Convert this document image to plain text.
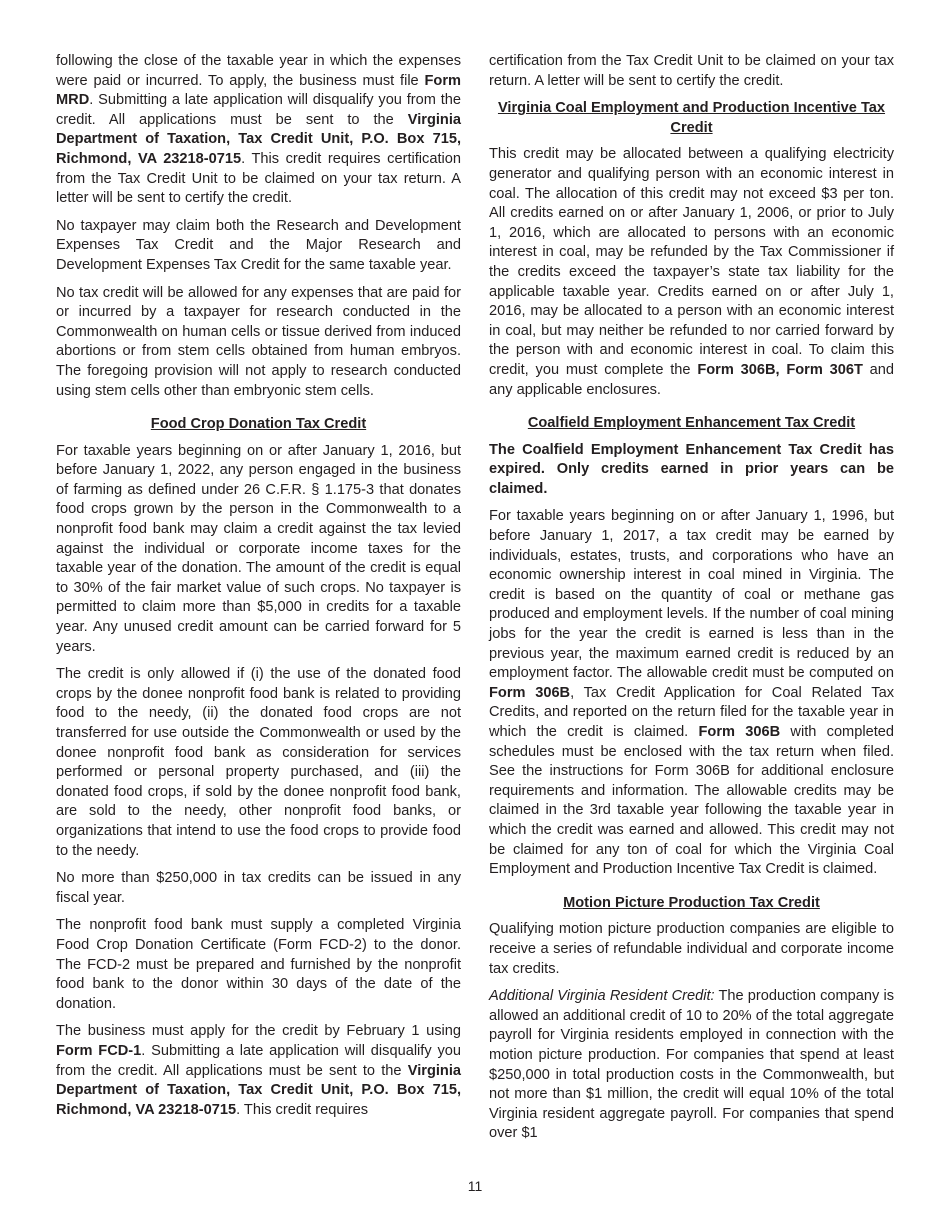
following the close of the taxable year in which the expenses were paid or incurred. To apply, the business must file Form MRD. Submitting a late application will disqualify you from the credit. All applications must be sent to the Virginia Department of Taxation, Tax Credit Unit, P.O. Box 715, Richmond, VA 23218-0715. This credit requires certification from the Tax Credit Unit to be claimed on your tax return. A letter will be sent to certify the credit.

No taxpayer may claim both the Research and Development Expenses Tax Credit and the Major Research and Development Expenses Tax Credit for the same taxable year.

No tax credit will be allowed for any expenses that are paid for or incurred by a taxpayer for research conducted in the Commonwealth on human cells or tissue derived from induced abortions or from stem cells obtained from human embryos. The foregoing provision will not apply to research conducted using stem cells other than embryonic stem cells.

Food Crop Donation Tax Credit

For taxable years beginning on or after January 1, 2016, but before January 1, 2022, any person engaged in the business of farming as defined under 26 C.F.R. § 1.175-3 that donates food crops grown by the person in the Commonwealth to a nonprofit food bank may claim a credit against the tax levied against the individual or corporate income taxes for the taxable year of the donation. The amount of the credit is equal to 30% of the fair market value of such crops. No taxpayer is permitted to claim more than $5,000 in credits for a taxable year. Any unused credit amount can be carried forward for 5 years.

The credit is only allowed if (i) the use of the donated food crops by the donee nonprofit food bank is related to providing food to the needy, (ii) the donated food crops are not transferred for use outside the Commonwealth or used by the donee nonprofit food bank as consideration for services performed or personal property purchased, and (iii) the donated food crops, if sold by the donee nonprofit food bank, are sold to the needy, other nonprofit food banks, or organizations that intend to use the food crops to provide food to the needy.

No more than $250,000 in tax credits can be issued in any fiscal year.

The nonprofit food bank must supply a completed Virginia Food Crop Donation Certificate (Form FCD-2) to the donor. The FCD-2 must be prepared and furnished by the nonprofit food bank to the donor within 30 days of the date of the donation.

The business must apply for the credit by February 1 using Form FCD-1. Submitting a late application will disqualify you from the credit. All applications must be sent to the Virginia Department of Taxation, Tax Credit Unit, P.O. Box 715, Richmond, VA 23218-0715. This credit requires

certification from the Tax Credit Unit to be claimed on your tax return. A letter will be sent to certify the credit.

Virginia Coal Employment and Production Incentive Tax Credit

This credit may be allocated between a qualifying electricity generator and qualifying person with an economic interest in coal. The allocation of this credit may not exceed $3 per ton. All credits earned on or after January 1, 2006, or prior to July 1, 2016, which are allocated to persons with an economic interest in coal, may be refunded by the Tax Commissioner if the credits exceed the taxpayer’s state tax liability for the applicable taxable year. Credits earned on or after July 1, 2016, may be allocated to a person with an economic interest in coal, but may neither be refunded to nor carried forward by the person with and economic interest in coal. To claim this credit, you must complete the Form 306B, Form 306T and any applicable enclosures.

Coalfield Employment Enhancement Tax Credit

The Coalfield Employment Enhancement Tax Credit has expired. Only credits earned in prior years can be claimed.

For taxable years beginning on or after January 1, 1996, but before January 1, 2017, a tax credit may be earned by individuals, estates, trusts, and corporations who have an economic ownership interest in coal mined in Virginia. The credit is based on the quantity of coal or methane gas produced and employment levels. If the number of coal mining jobs for the year the credit is earned is less than in the previous year, the maximum earned credit is reduced by an employment factor. The allowable credit must be computed on Form 306B, Tax Credit Application for Coal Related Tax Credits, and reported on the return filed for the taxable year in which the credit is claimed. Form 306B with completed schedules must be enclosed with the tax return when filed. See the instructions for Form 306B for additional enclosure requirements and information. The allowable credits may be claimed in the 3rd taxable year following the taxable year in which the credit was earned and allowed. This credit may not be claimed for any ton of coal for which the Virginia Coal Employment and Production Incentive Tax Credit is claimed.

Motion Picture Production Tax Credit

Qualifying motion picture production companies are eligible to receive a series of refundable individual and corporate income tax credits.

Additional Virginia Resident Credit: The production company is allowed an additional credit of 10 to 20% of the total aggregate payroll for Virginia residents employed in connection with the motion picture production. For companies that spend at least $250,000 in total production costs in the Commonwealth, but not more than $1 million, the credit will equal 10% of the total Virginia resident aggregate payroll. For companies that spend over $1

11
